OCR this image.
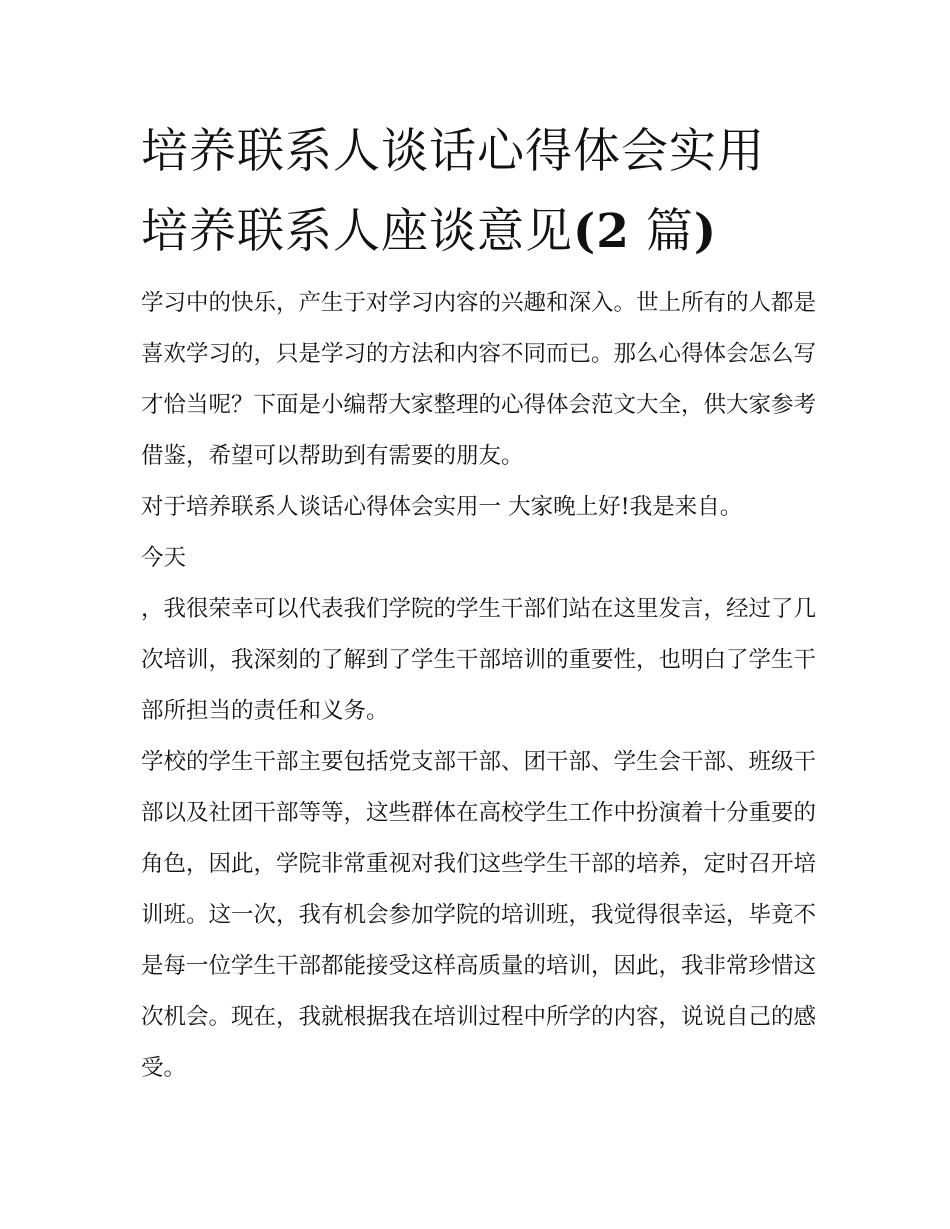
培养联系人谈话心得体会实用
培养联系人座谈意见(2 篇)

学习中的快乐，产生于对学习内容的兴趣和深入。世上所有的人都是喜欢学习的，只是学习的方法和内容不同而已。那么心得体会怎么写才恰当呢？下面是小编帮大家整理的心得体会范文大全，供大家参考借鉴，希望可以帮助到有需要的朋友。

对于培养联系人谈话心得体会实用一 大家晚上好!我是来自。

今天

，我很荣幸可以代表我们学院的学生干部们站在这里发言，经过了几次培训，我深刻的了解到了学生干部培训的重要性，也明白了学生干部所担当的责任和义务。

学校的学生干部主要包括党支部干部、团干部、学生会干部、班级干部以及社团干部等等，这些群体在高校学生工作中扮演着十分重要的角色，因此，学院非常重视对我们这些学生干部的培养，定时召开培训班。这一次，我有机会参加学院的培训班，我觉得很幸运，毕竟不是每一位学生干部都能接受这样高质量的培训，因此，我非常珍惜这次机会。现在，我就根据我在培训过程中所学的内容，说说自己的感受。
